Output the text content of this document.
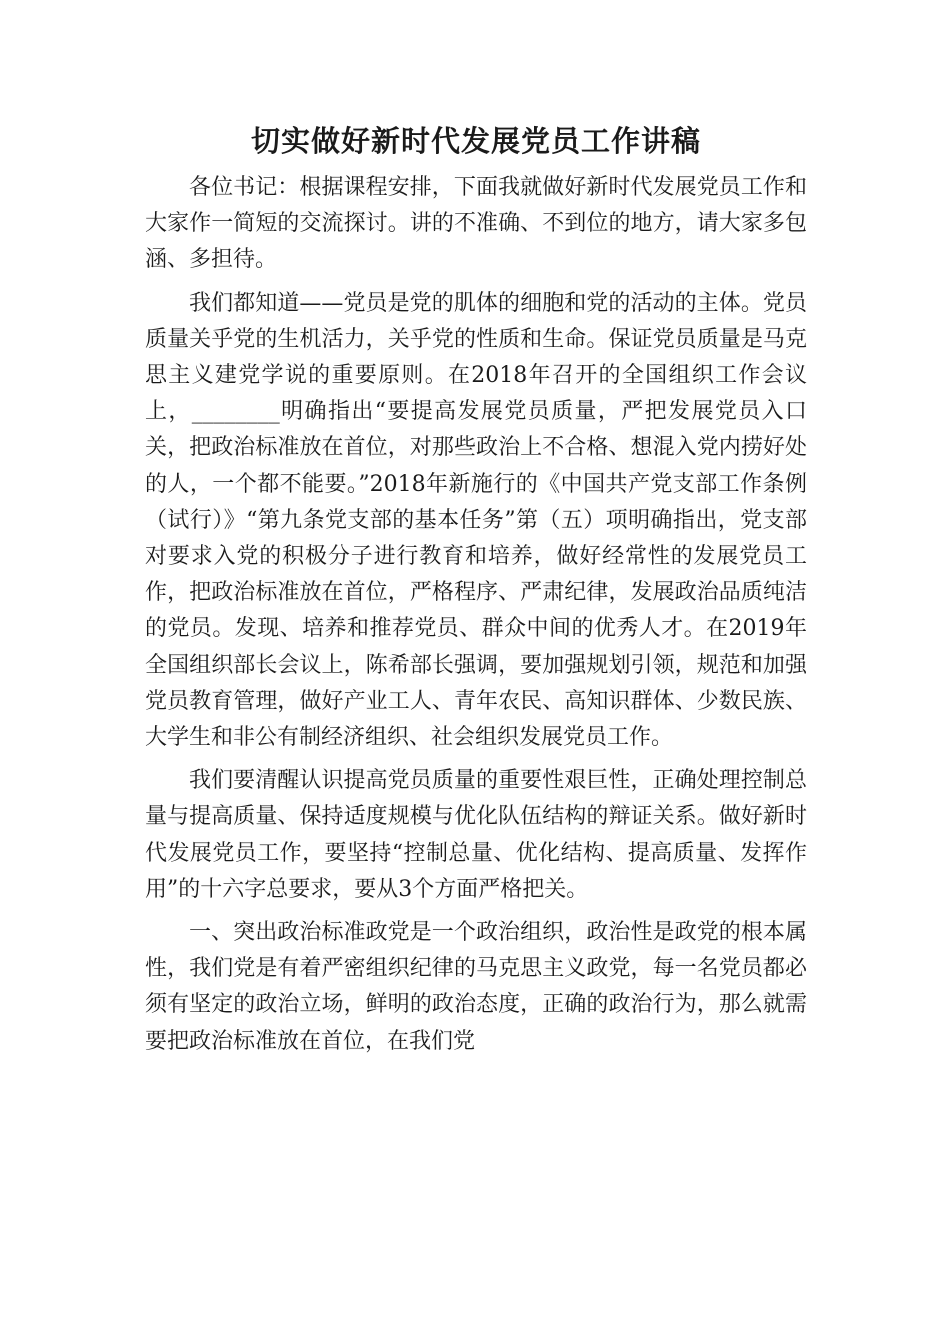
切实做好新时代发展党员工作讲稿

各位书记：根据课程安排，下面我就做好新时代发展党员工作和大家作一简短的交流探讨。讲的不准确、不到位的地方，请大家多包涵、多担待。

我们都知道——党员是党的肌体的细胞和党的活动的主体。党员质量关乎党的生机活力，关乎党的性质和生命。保证党员质量是马克思主义建党学说的重要原则。在2018年召开的全国组织工作会议上，________明确指出“要提高发展党员质量，严把发展党员入口关，把政治标准放在首位，对那些政治上不合格、想混入党内捞好处的人，一个都不能要。”2018年新施行的《中国共产党支部工作条例（试行）》“第九条党支部的基本任务”第（五）项明确指出，党支部对要求入党的积极分子进行教育和培养，做好经常性的发展党员工作，把政治标准放在首位，严格程序、严肃纪律，发展政治品质纯洁的党员。发现、培养和推荐党员、群众中间的优秀人才。在2019年全国组织部长会议上，陈希部长强调，要加强规划引领，规范和加强党员教育管理，做好产业工人、青年农民、高知识群体、少数民族、大学生和非公有制经济组织、社会组织发展党员工作。

我们要清醒认识提高党员质量的重要性艰巨性，正确处理控制总量与提高质量、保持适度规模与优化队伍结构的辩证关系。做好新时代发展党员工作，要坚持“控制总量、优化结构、提高质量、发挥作用”的十六字总要求，要从3个方面严格把关。

一、突出政治标准政党是一个政治组织，政治性是政党的根本属性，我们党是有着严密组织纪律的马克思主义政党，每一名党员都必须有坚定的政治立场，鲜明的政治态度，正确的政治行为，那么就需要把政治标准放在首位，在我们党
